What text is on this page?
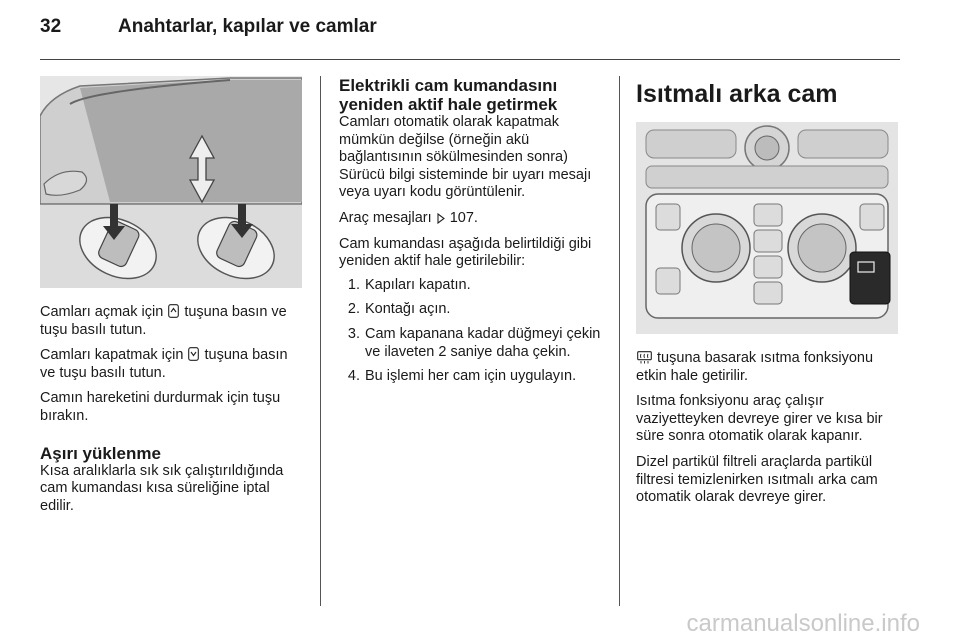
32	Anahtarlar, kapılar ve camlar

Camları açmak için tuşuna basın ve tuşu basılı tutun.

Camları kapatmak için tuşuna basın ve tuşu basılı tutun.

Camın hareketini durdurmak için tuşu bırakın.

Aşırı yüklenme

Kısa aralıklarla sık sık çalıştırıldığında cam kumandası kısa süreliğine iptal edilir.

Elektrikli cam kumandasını yeniden aktif hale getirmek

Camları otomatik olarak kapatmak mümkün değilse (örneğin akü bağlantısının sökülmesinden sonra) Sürücü bilgi sisteminde bir uyarı mesajı veya uyarı kodu görüntülenir.

Araç mesajları 107.

Cam kumandası aşağıda belirtildiği gibi yeniden aktif hale getirilebilir:

1. Kapıları kapatın.
2. Kontağı açın.
3. Cam kapanana kadar düğmeyi çekin ve ilaveten 2 saniye daha çekin.
4. Bu işlemi her cam için uygulayın.
Isıtmalı arka cam

tuşuna basarak ısıtma fonksiyonu etkin hale getirilir.

Isıtma fonksiyonu araç çalışır vaziyetteyken devreye girer ve kısa bir süre sonra otomatik olarak kapanır.

Dizel partikül filtreli araçlarda partikül filtresi temizlenirken ısıtmalı arka cam otomatik olarak devreye girer.

carmanualsonline.info
